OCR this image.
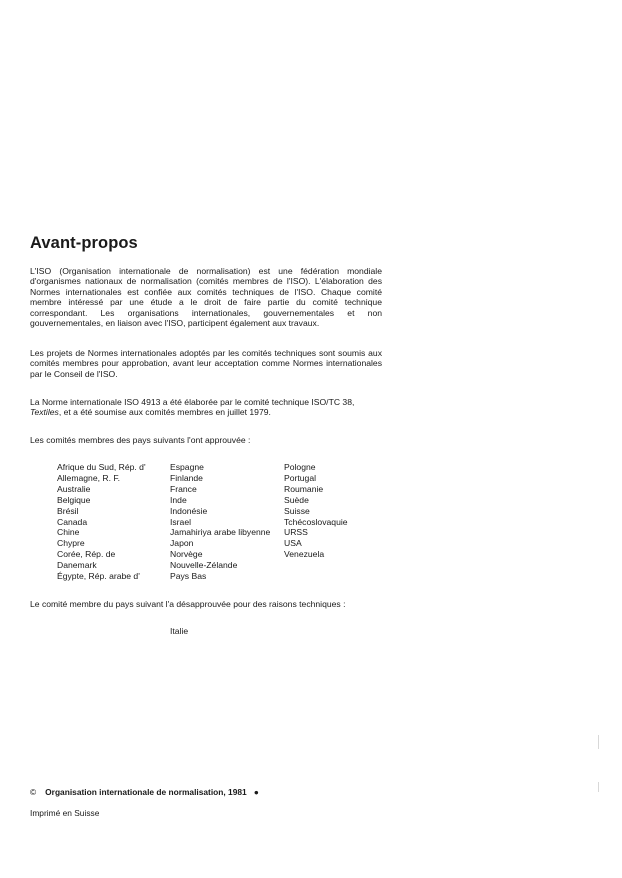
Avant-propos

L'ISO (Organisation internationale de normalisation) est une fédération mondiale d'organismes nationaux de normalisation (comités membres de l'ISO). L'élaboration des Normes internationales est confiée aux comités techniques de l'ISO. Chaque comité membre intéressé par une étude a le droit de faire partie du comité technique correspondant. Les organisations internationales, gouvernementales et non gouvernementales, en liaison avec l'ISO, participent également aux travaux.

Les projets de Normes internationales adoptés par les comités techniques sont soumis aux comités membres pour approbation, avant leur acceptation comme Normes internationales par le Conseil de l'ISO.

La Norme internationale ISO 4913 a été élaborée par le comité technique ISO/TC 38,
Textiles, et a été soumise aux comités membres en juillet 1979.

Les comités membres des pays suivants l'ont approuvée :

Afrique du Sud, Rép. d'
Allemagne, R. F.
Australie
Belgique
Brésil
Canada
Chine
Chypre
Corée, Rép. de
Danemark
Égypte, Rép. arabe d'
Espagne
Finlande
France
Inde
Indonésie
Israel
Jamahiriya arabe libyenne
Japon
Norvège
Nouvelle-Zélande
Pays Bas
Pologne
Portugal
Roumanie
Suède
Suisse
Tchécoslovaquie
URSS
USA
Venezuela

Le comité membre du pays suivant l'a désapprouvée pour des raisons techniques :

Italie
© Organisation internationale de normalisation, 1981 ●
Imprimé en Suisse
